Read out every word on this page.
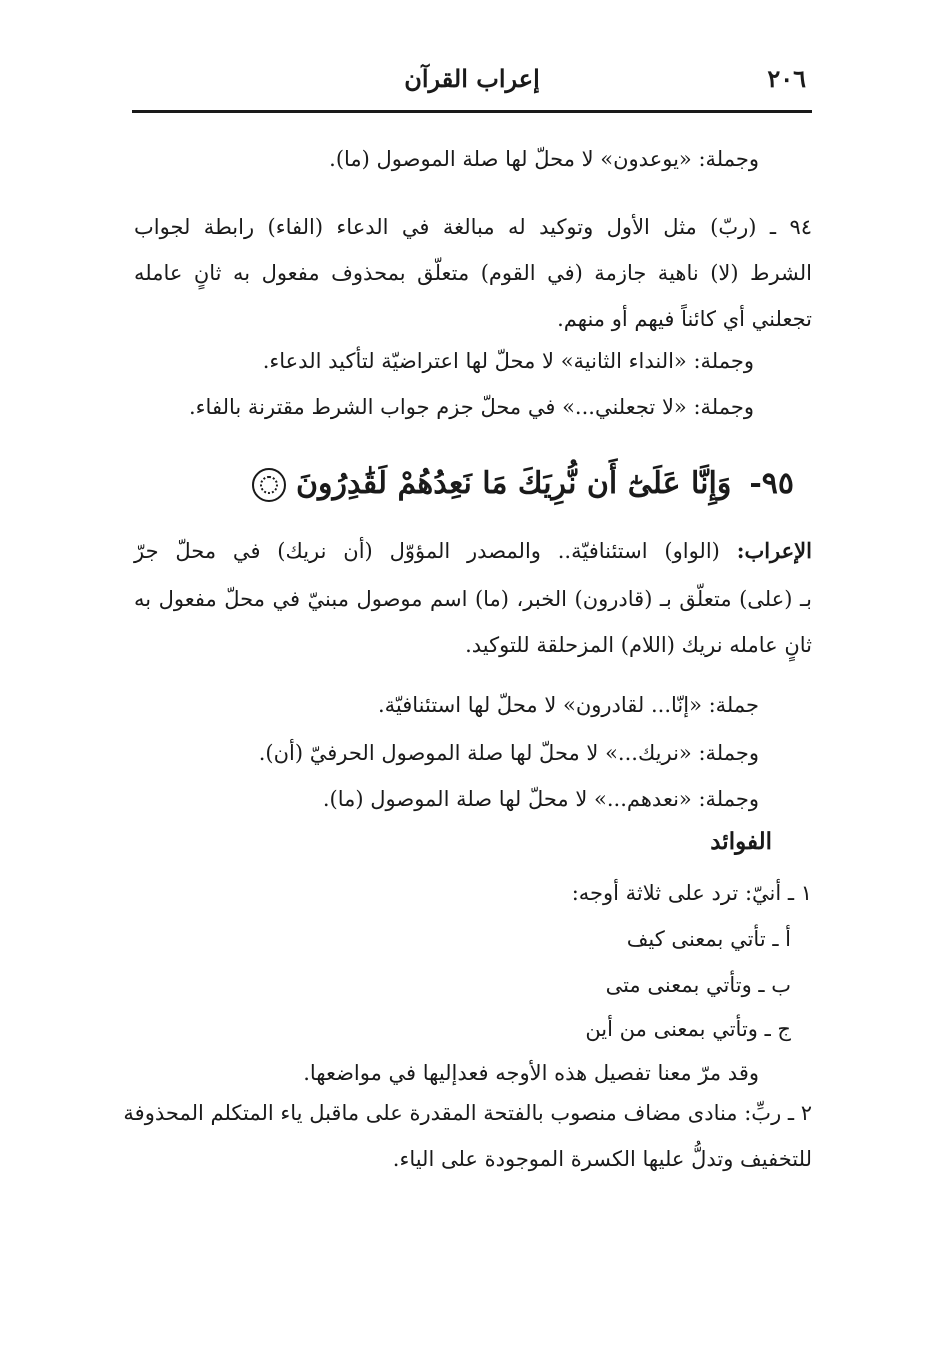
٢٠٦
إعراب القرآن
وجملة: «يوعدون» لا محلّ لها صلة الموصول (ما).
٩٤ ـ (ربّ) مثل الأول وتوكيد له مبالغة في الدعاء (الفاء) رابطة لجواب
الشرط (لا) ناهية جازمة (في القوم) متعلّق بمحذوف مفعول به ثانٍ عامله
تجعلني أي كائناً فيهم أو منهم.
وجملة: «النداء الثانية» لا محلّ لها اعتراضيّة لتأكيد الدعاء.
وجملة: «لا تجعلني...» في محلّ جزم جواب الشرط مقترنة بالفاء.
٩٥-وَإِنَّا عَلَىٰٓ أَن نُّرِيَكَ مَا نَعِدُهُمْ لَقَٰدِرُونَ
الإعراب: (الواو) استئنافيّة.. والمصدر المؤوّل (أن نريك) في محلّ جرّ
بـ (على) متعلّق بـ (قادرون) الخبر، (ما) اسم موصول مبنيّ في محلّ مفعول به
ثانٍ عامله نريك (اللام) المزحلقة للتوكيد.
جملة: «إنّا... لقادرون» لا محلّ لها استئنافيّة.
وجملة: «نريك...» لا محلّ لها صلة الموصول الحرفيّ (أن).
وجملة: «نعدهم...» لا محلّ لها صلة الموصول (ما).
الفوائد
١ ـ أنيّ: ترد على ثلاثة أوجه:
أ ـ تأتي بمعنى كيف
ب ـ وتأتي بمعنى متى
ج ـ وتأتي بمعنى من أين
وقد مرّ معنا تفصيل هذه الأوجه فعدإليها في مواضعها.
٢ ـ ربِّ: منادى مضاف منصوب بالفتحة المقدرة على ماقبل ياء المتكلم المحذوفة
للتخفيف وتدلُّ عليها الكسرة الموجودة على الياء.
